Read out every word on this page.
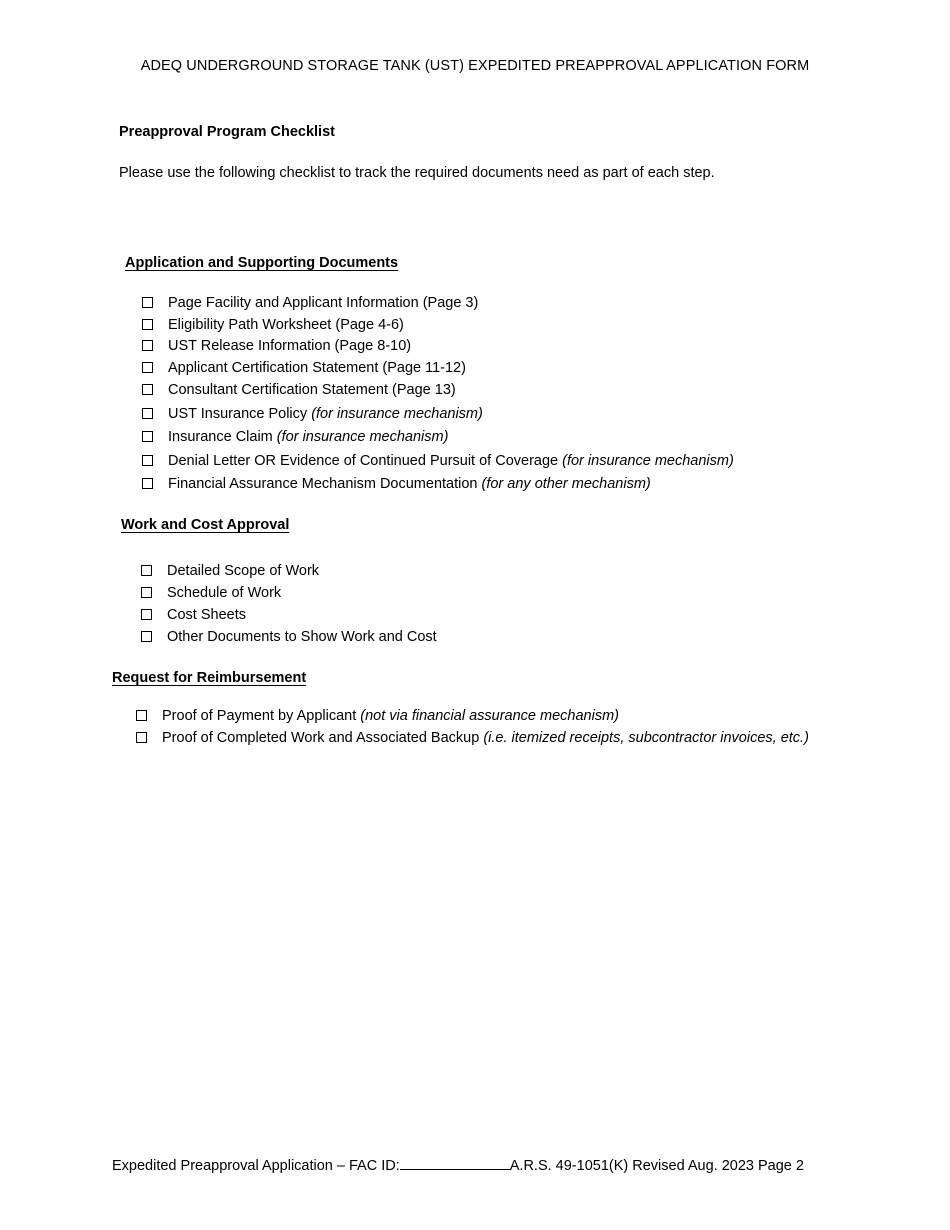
ADEQ UNDERGROUND STORAGE TANK (UST) EXPEDITED PREAPPROVAL APPLICATION FORM
Preapproval Program Checklist
Please use the following checklist to track the required documents need as part of each step.
Application and Supporting Documents
Page Facility and Applicant Information (Page 3)
Eligibility Path Worksheet (Page 4-6)
UST Release Information (Page 8-10)
Applicant Certification Statement (Page 11-12)
Consultant Certification Statement (Page 13)
UST Insurance Policy (for insurance mechanism)
Insurance Claim (for insurance mechanism)
Denial Letter OR Evidence of Continued Pursuit of Coverage (for insurance mechanism)
Financial Assurance Mechanism Documentation (for any other mechanism)
Work and Cost Approval
Detailed Scope of Work
Schedule of Work
Cost Sheets
Other Documents to Show Work and Cost
Request for Reimbursement
Proof of Payment by Applicant (not via financial assurance mechanism)
Proof of Completed Work and Associated Backup (i.e. itemized receipts, subcontractor invoices, etc.)
Expedited Preapproval Application – FAC ID:	A.R.S. 49-1051(K) Revised Aug. 2023 Page 2
